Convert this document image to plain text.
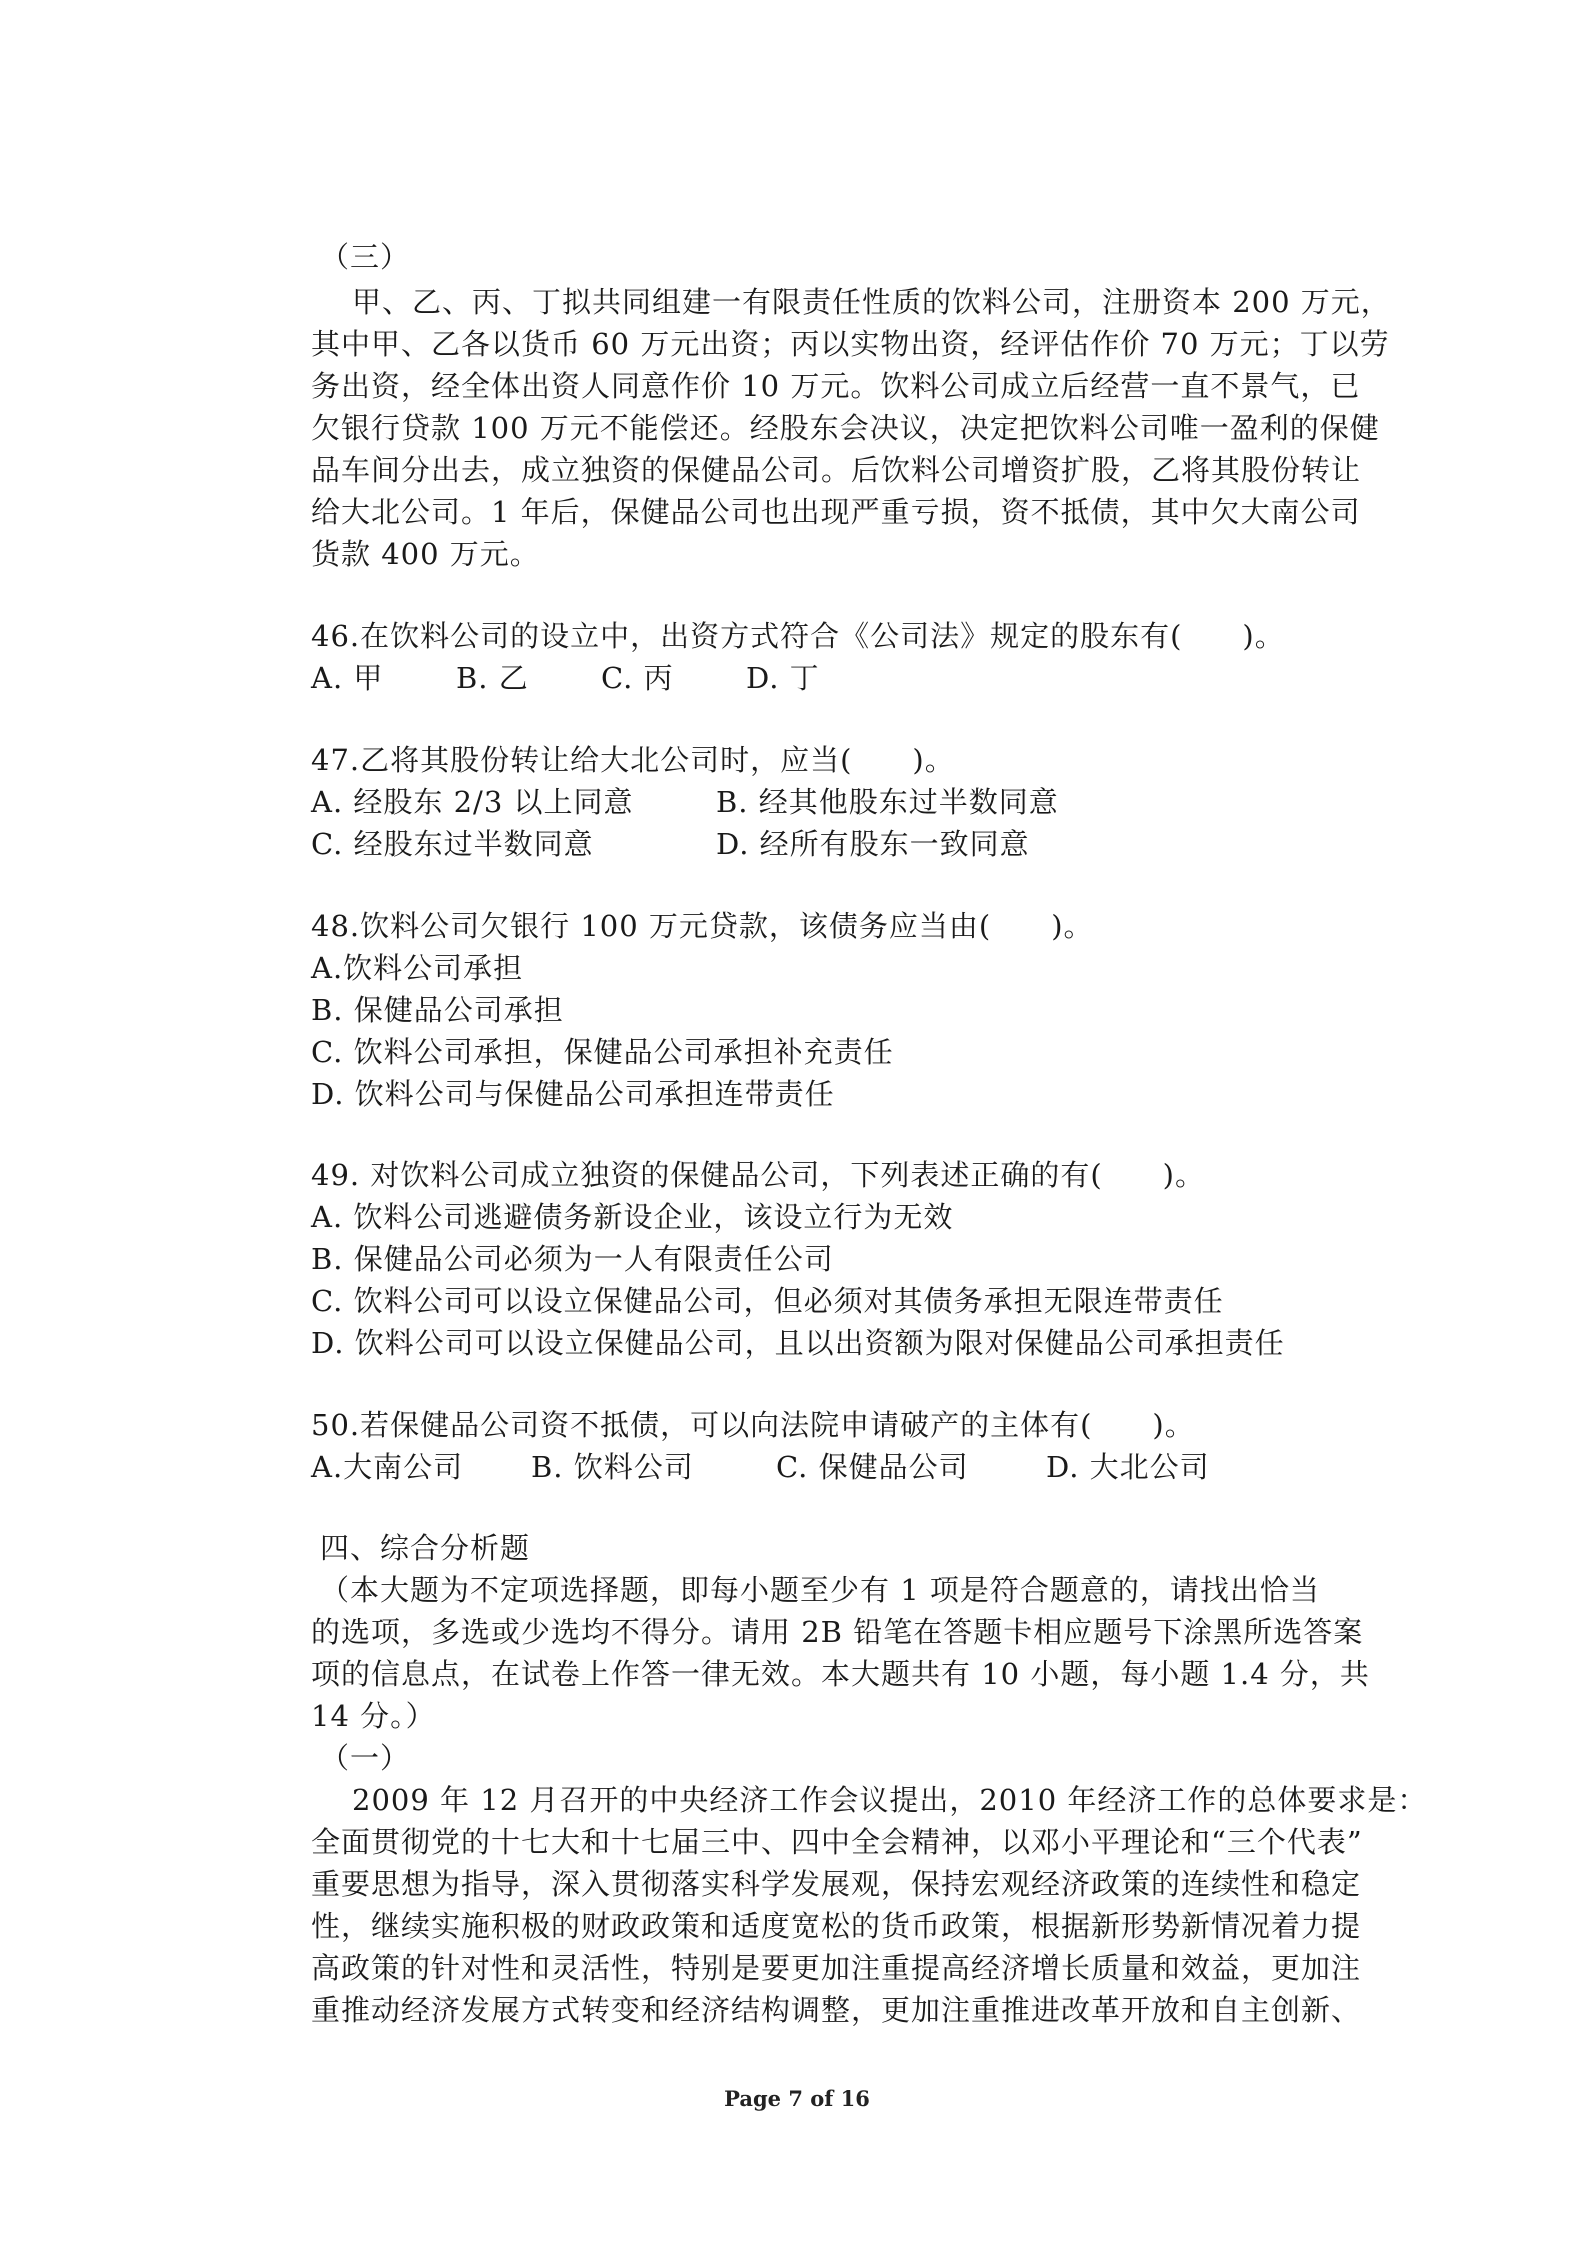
（三）
甲、乙、丙、丁拟共同组建一有限责任性质的饮料公司，注册资本 200 万元，
其中甲、乙各以货币 60 万元出资；丙以实物出资，经评估作价 70 万元；丁以劳
务出资，经全体出资人同意作价 10 万元。饮料公司成立后经营一直不景气，已
欠银行贷款 100 万元不能偿还。经股东会决议，决定把饮料公司唯一盈利的保健
品车间分出去，成立独资的保健品公司。后饮料公司增资扩股，乙将其股份转让
给大北公司。1 年后，保健品公司也出现严重亏损，资不抵债，其中欠大南公司
货款 400 万元。
46.在饮料公司的设立中，出资方式符合《公司法》规定的股东有(　　)。
A. 甲	B. 乙 C. 丙 D. 丁
47.乙将其股份转让给大北公司时，应当(　　)。
A. 经股东 2/3 以上同意	B. 经其他股东过半数同意
C. 经股东过半数同意	D. 经所有股东一致同意
48.饮料公司欠银行 100 万元贷款，该债务应当由(　　)。
A.饮料公司承担
B. 保健品公司承担
C. 饮料公司承担，保健品公司承担补充责任
D. 饮料公司与保健品公司承担连带责任
49. 对饮料公司成立独资的保健品公司，下列表述正确的有(　　)。
A. 饮料公司逃避债务新设企业，该设立行为无效
B. 保健品公司必须为一人有限责任公司
C. 饮料公司可以设立保健品公司，但必须对其债务承担无限连带责任
D. 饮料公司可以设立保健品公司，且以出资额为限对保健品公司承担责任
50.若保健品公司资不抵债，可以向法院申请破产的主体有(　　)。
A.大南公司 B. 饮料公司	C. 保健品公司	D. 大北公司
四、综合分析题
（本大题为不定项选择题，即每小题至少有 1 项是符合题意的，请找出恰当
的选项，多选或少选均不得分。请用 2B 铅笔在答题卡相应题号下涂黑所选答案
项的信息点，在试卷上作答一律无效。本大题共有 10 小题，每小题 1.4 分，共
14 分。）
（一）
2009 年 12 月召开的中央经济工作会议提出，2010 年经济工作的总体要求是：
全面贯彻党的十七大和十七届三中、四中全会精神，以邓小平理论和“三个代表”
重要思想为指导，深入贯彻落实科学发展观，保持宏观经济政策的连续性和稳定
性，继续实施积极的财政政策和适度宽松的货币政策，根据新形势新情况着力提
高政策的针对性和灵活性，特别是要更加注重提高经济增长质量和效益，更加注
重推动经济发展方式转变和经济结构调整，更加注重推进改革开放和自主创新、
Page 7 of 16
